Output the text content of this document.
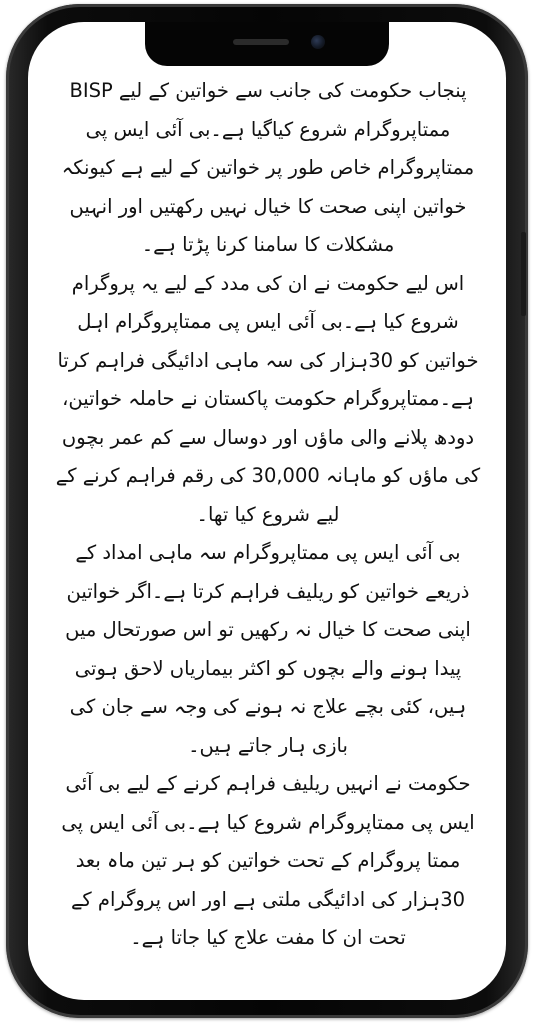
پنجاب حکومت کی جانب سے خواتین کے لیے BISP ممتاپروگرام شروع کیاگیا ہے۔بی آئی ایس پی ممتاپروگرام خاص طور پر خواتین کے لیے ہے کیونکہ خواتین اپنی صحت کا خیال نہیں رکھتیں اور انہیں مشکلات کا سامنا کرنا پڑتا ہے۔

اس لیے حکومت نے ان کی مدد کے لیے یہ پروگرام شروع کیا ہے۔بی آئی ایس پی ممتاپروگرام اہل خواتین کو 30ہزار کی سہ ماہی ادائیگی فراہم کرتا ہے۔ممتاپروگرام حکومت پاکستان نے حاملہ خواتین، دودھ پلانے والی ماؤں اور دوسال سے کم عمر بچوں کی ماؤں کو ماہانہ 30,000 کی رقم فراہم کرنے کے لیے شروع کیا تھا۔

بی آئی ایس پی ممتاپروگرام سہ ماہی امداد کے ذریعے خواتین کو ریلیف فراہم کرتا ہے۔اگر خواتین اپنی صحت کا خیال نہ رکھیں تو اس صورتحال میں پیدا ہونے والے بچوں کو اکثر بیماریاں لاحق ہوتی ہیں، کئی بچے علاج نہ ہونے کی وجہ سے جان کی بازی ہار جاتے ہیں۔

حکومت نے انہیں ریلیف فراہم کرنے کے لیے بی آئی ایس پی ممتاپروگرام شروع کیا ہے۔بی آئی ایس پی ممتا پروگرام کے تحت خواتین کو ہر تین ماہ بعد 30ہزار کی ادائیگی ملتی ہے اور اس پروگرام کے تحت ان کا مفت علاج کیا جاتا ہے۔
